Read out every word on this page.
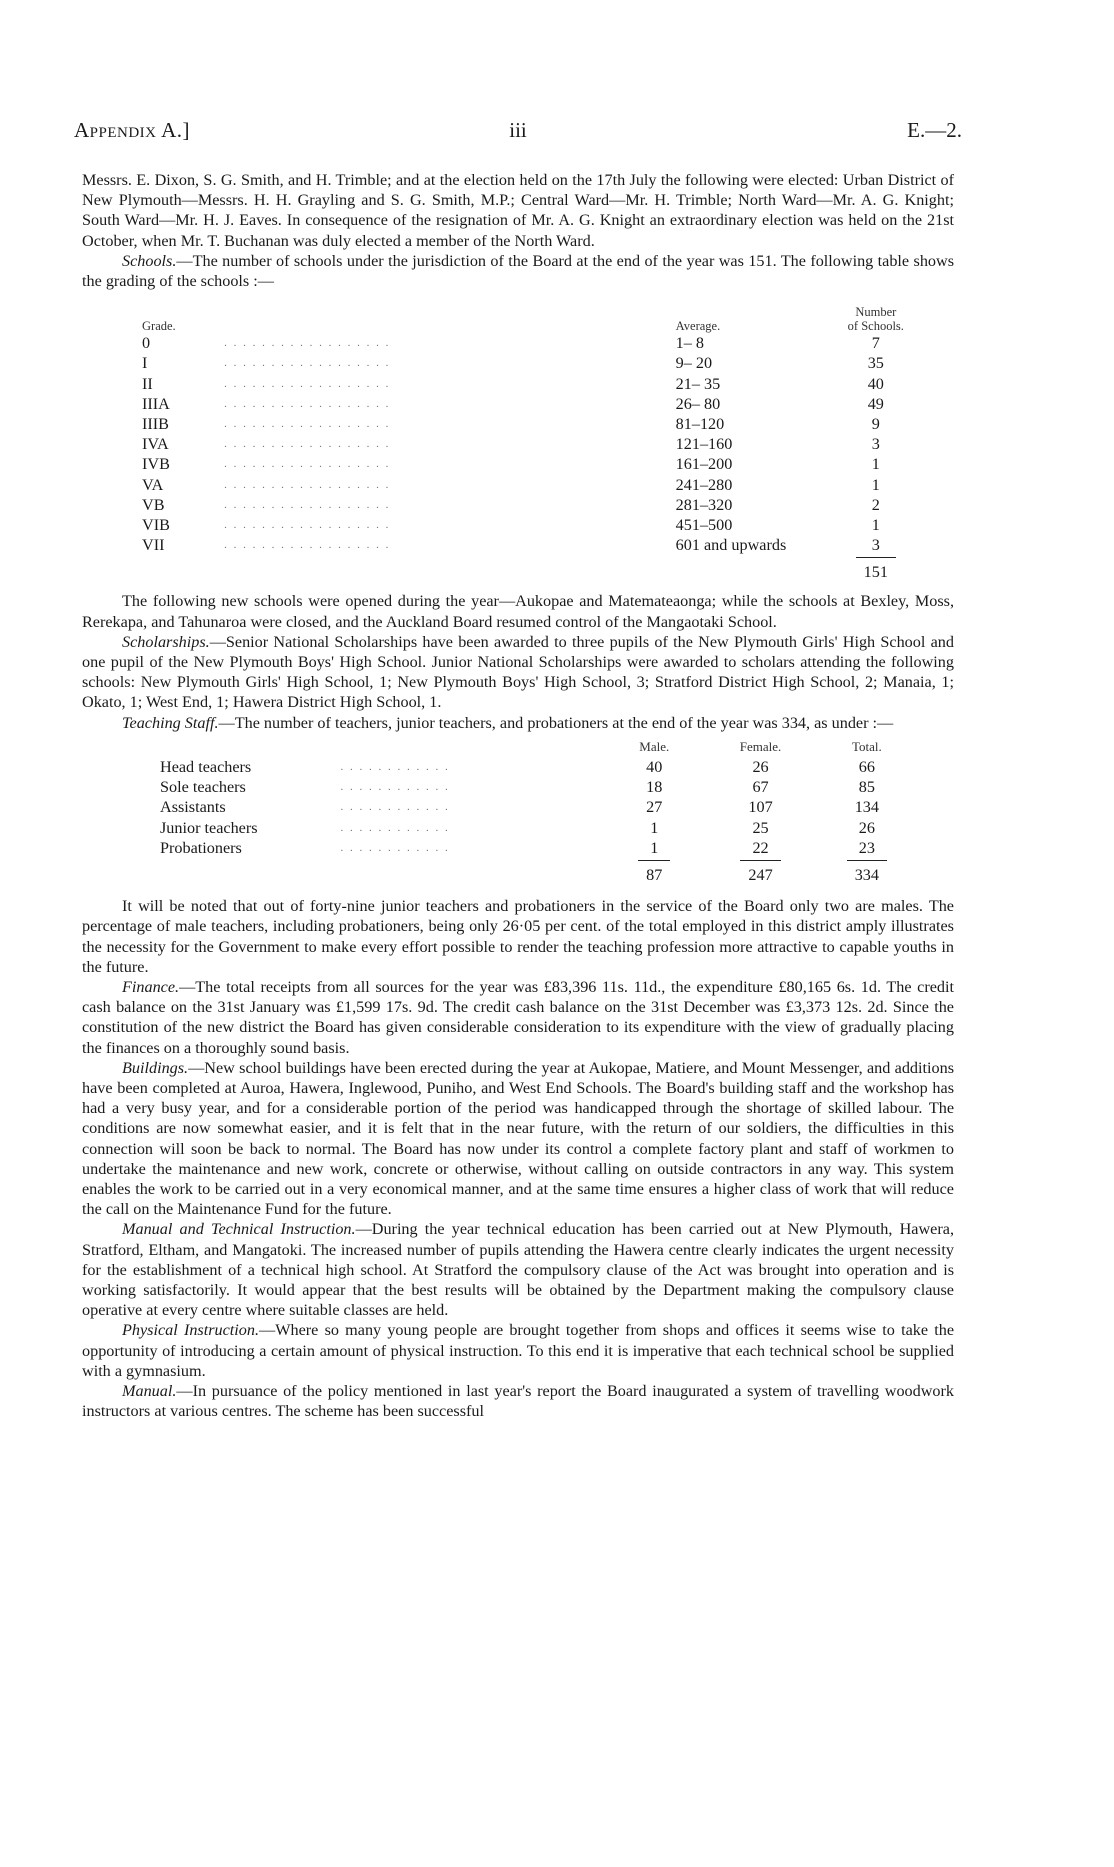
Appendix A.]	iii	E.—2.

Messrs. E. Dixon, S. G. Smith, and H. Trimble; and at the election held on the 17th July the following were elected: Urban District of New Plymouth—Messrs. H. H. Grayling and S. G. Smith, M.P.; Central Ward—Mr. H. Trimble; North Ward—Mr. A. G. Knight; South Ward—Mr. H. J. Eaves. In consequence of the resignation of Mr. A. G. Knight an extraordinary election was held on the 21st October, when Mr. T. Buchanan was duly elected a member of the North Ward.

Schools.—The number of schools under the jurisdiction of the Board at the end of the year was 151. The following table shows the grading of the schools :—

Grade.		Average.	Number
of Schools.
0	. . . . . . . . . . . . . . . . . .	1– 8	7
I	. . . . . . . . . . . . . . . . . .	9– 20	35
II	. . . . . . . . . . . . . . . . . .	21– 35	40
IIIA	. . . . . . . . . . . . . . . . . .	26– 80	49
IIIB	. . . . . . . . . . . . . . . . . .	81–120	9
IVA	. . . . . . . . . . . . . . . . . .	121–160	3
IVB	. . . . . . . . . . . . . . . . . .	161–200	1
VA	. . . . . . . . . . . . . . . . . .	241–280	1
VB	. . . . . . . . . . . . . . . . . .	281–320	2
VIB	. . . . . . . . . . . . . . . . . .	451–500	1
VII	. . . . . . . . . . . . . . . . . .	601 and upwards	3
			151

The following new schools were opened during the year—Aukopae and Matemateaonga; while the schools at Bexley, Moss, Rerekapa, and Tahunaroa were closed, and the Auckland Board resumed control of the Mangaotaki School.

Scholarships.—Senior National Scholarships have been awarded to three pupils of the New Plymouth Girls' High School and one pupil of the New Plymouth Boys' High School. Junior National Scholarships were awarded to scholars attending the following schools: New Plymouth Girls' High School, 1; New Plymouth Boys' High School, 3; Stratford District High School, 2; Manaia, 1; Okato, 1; West End, 1; Hawera District High School, 1.

Teaching Staff.—The number of teachers, junior teachers, and probationers at the end of the year was 334, as under :—

		Male.	Female.	Total.
Head teachers	. . . . . . . . . . . .	40	26	66
Sole teachers	. . . . . . . . . . . .	18	67	85
Assistants	. . . . . . . . . . . .	27	107	134
Junior teachers	. . . . . . . . . . . .	1	25	26
Probationers	. . . . . . . . . . . .	1	22	23
		87	247	334

It will be noted that out of forty-nine junior teachers and probationers in the service of the Board only two are males. The percentage of male teachers, including probationers, being only 26·05 per cent. of the total employed in this district amply illustrates the necessity for the Government to make every effort possible to render the teaching profession more attractive to capable youths in the future.

Finance.—The total receipts from all sources for the year was £83,396 11s. 11d., the expenditure £80,165 6s. 1d. The credit cash balance on the 31st January was £1,599 17s. 9d. The credit cash balance on the 31st December was £3,373 12s. 2d. Since the constitution of the new district the Board has given considerable consideration to its expenditure with the view of gradually placing the finances on a thoroughly sound basis.

Buildings.—New school buildings have been erected during the year at Aukopae, Matiere, and Mount Messenger, and additions have been completed at Auroa, Hawera, Inglewood, Puniho, and West End Schools. The Board's building staff and the workshop has had a very busy year, and for a considerable portion of the period was handicapped through the shortage of skilled labour. The conditions are now somewhat easier, and it is felt that in the near future, with the return of our soldiers, the difficulties in this connection will soon be back to normal. The Board has now under its control a complete factory plant and staff of workmen to undertake the maintenance and new work, concrete or otherwise, without calling on outside contractors in any way. This system enables the work to be carried out in a very economical manner, and at the same time ensures a higher class of work that will reduce the call on the Maintenance Fund for the future.

Manual and Technical Instruction.—During the year technical education has been carried out at New Plymouth, Hawera, Stratford, Eltham, and Mangatoki. The increased number of pupils attending the Hawera centre clearly indicates the urgent necessity for the establishment of a technical high school. At Stratford the compulsory clause of the Act was brought into operation and is working satisfactorily. It would appear that the best results will be obtained by the Department making the compulsory clause operative at every centre where suitable classes are held.

Physical Instruction.—Where so many young people are brought together from shops and offices it seems wise to take the opportunity of introducing a certain amount of physical instruction. To this end it is imperative that each technical school be supplied with a gymnasium.

Manual.—In pursuance of the policy mentioned in last year's report the Board inaugurated a system of travelling woodwork instructors at various centres. The scheme has been successful
